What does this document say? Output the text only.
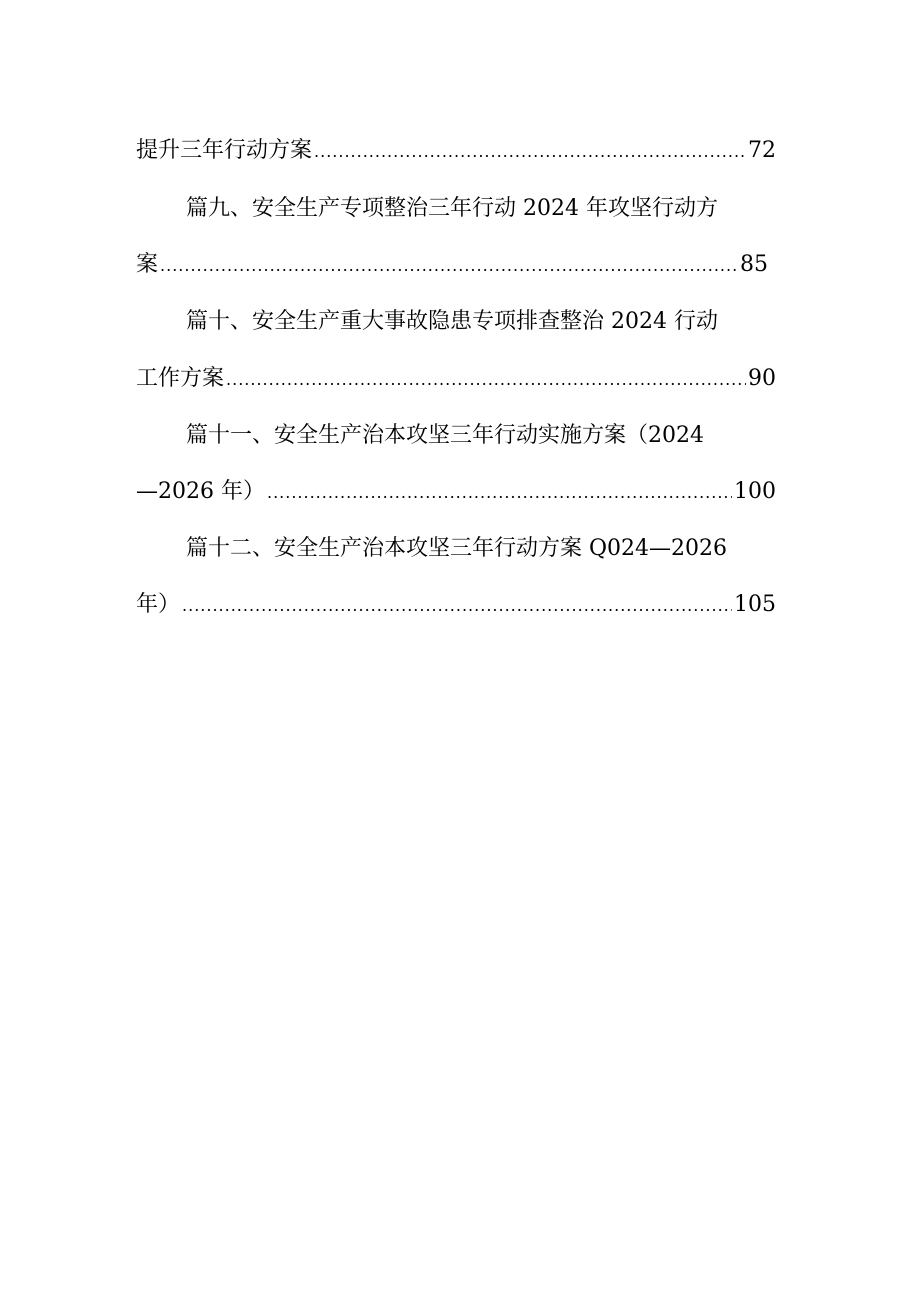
提升三年行动方案 .....	72
篇九、安全生产专项整治三年行动 2024 年攻坚行动方
案 .....	85
篇十、安全生产重大事故隐患专项排查整治 2024 行动
工作方案 .....	90
篇十一、安全生产治本攻坚三年行动实施方案（2024
—2026 年） .....	100
篇十二、安全生产治本攻坚三年行动方案 Q024—2026
年） .....	105
